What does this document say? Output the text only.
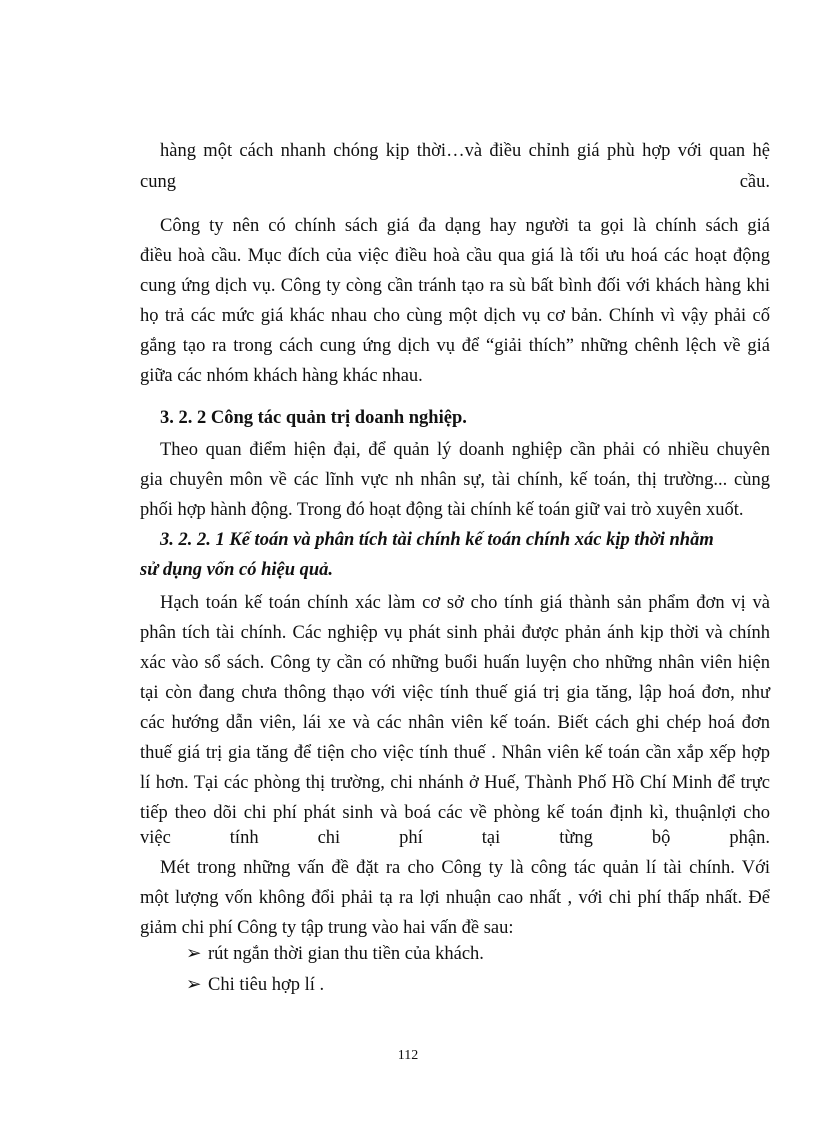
hàng một cách nhanh chóng kịp thời…và điều chỉnh giá phù hợp với quan hệ
cung	cầu.
Công ty nên có chính sách giá đa dạng hay người ta gọi là chính sách giá
điều hoà cầu. Mục đích của việc điều hoà cầu qua giá là tối ưu hoá các hoạt động
cung ứng dịch vụ. Công ty còng cần tránh tạo ra sù bất bình đối với khách hàng khi
họ trả các mức giá khác nhau cho cùng một dịch vụ cơ bản. Chính vì vậy phải cố
gắng tạo ra trong cách cung ứng dịch vụ để “giải thích” những chênh lệch về giá
giữa các nhóm khách hàng khác nhau.
3. 2. 2 Công tác quản trị doanh nghiệp.
Theo quan điểm hiện đại, để quản lý doanh nghiệp cần phải có nhiều chuyên
gia chuyên môn về các lĩnh vực nh nhân sự, tài chính, kế toán, thị trường... cùng
phối hợp hành động. Trong đó hoạt động tài chính kế toán giữ vai trò xuyên xuốt.
3. 2. 2. 1 Kế toán và phân tích tài chính kế toán chính xác kịp thời nhằm
sử dụng vốn có hiệu quả.
Hạch toán kế toán chính xác làm cơ sở cho tính giá thành sản phẩm đơn vị và
phân tích tài chính. Các nghiệp vụ phát sinh phải được phản ánh kịp thời và chính
xác vào sổ sách. Công ty cần có những buổi huấn luyện cho những nhân viên hiện
tại còn đang chưa thông thạo với việc tính thuế giá trị gia tăng, lập hoá đơn, như
các hướng dẫn viên, lái xe và các nhân viên kế toán. Biết cách ghi chép hoá đơn
thuế giá trị gia tăng để tiện cho việc tính thuế . Nhân viên kế toán cần xắp xếp hợp
lí hơn. Tại các phòng thị trường, chi nhánh ở Huế, Thành Phố Hồ Chí Minh để trực
tiếp theo dõi chi phí phát sinh và boá các về phòng kế toán định kì, thuậnlợi cho
việc	tính	chi	phí	tại	từng	bộ	phận.
Mét trong những vấn đề đặt ra cho Công ty là công tác quản lí tài chính. Với
một lượng vốn không đổi phải tạ ra lợi nhuận cao nhất , với chi phí thấp nhất. Để
giảm chi phí Công ty tập trung vào hai vấn đề sau:
➢ rút ngắn thời gian thu tiền của khách.
➢ Chi tiêu hợp lí .
112
